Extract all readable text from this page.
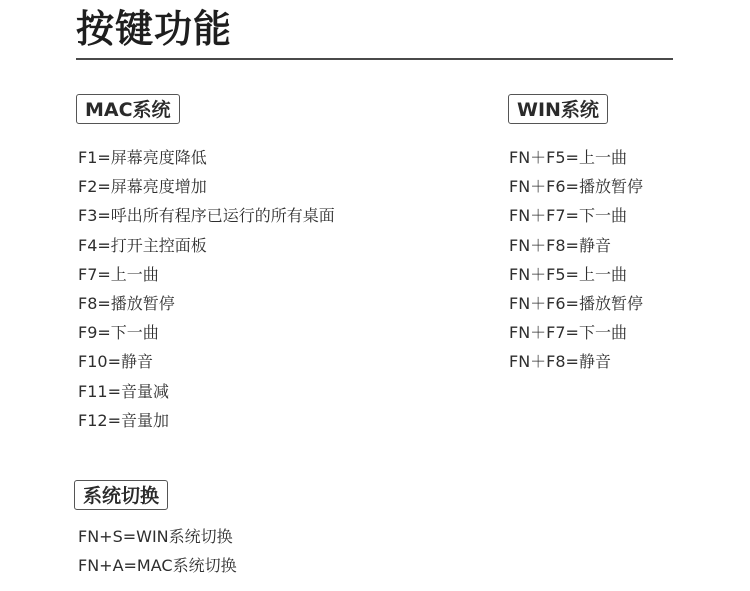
按键功能
MAC系统
F1=屏幕亮度降低
F2=屏幕亮度增加
F3=呼出所有程序已运行的所有桌面
F4=打开主控面板
F7=上一曲
F8=播放暂停
F9=下一曲
F10=静音
F11=音量减
F12=音量加
WIN系统
FN＋F5=上一曲
FN＋F6=播放暂停
FN＋F7=下一曲
FN＋F8=静音
FN＋F5=上一曲
FN＋F6=播放暂停
FN＋F7=下一曲
FN＋F8=静音
系统切换
FN+S=WIN系统切换
FN+A=MAC系统切换
